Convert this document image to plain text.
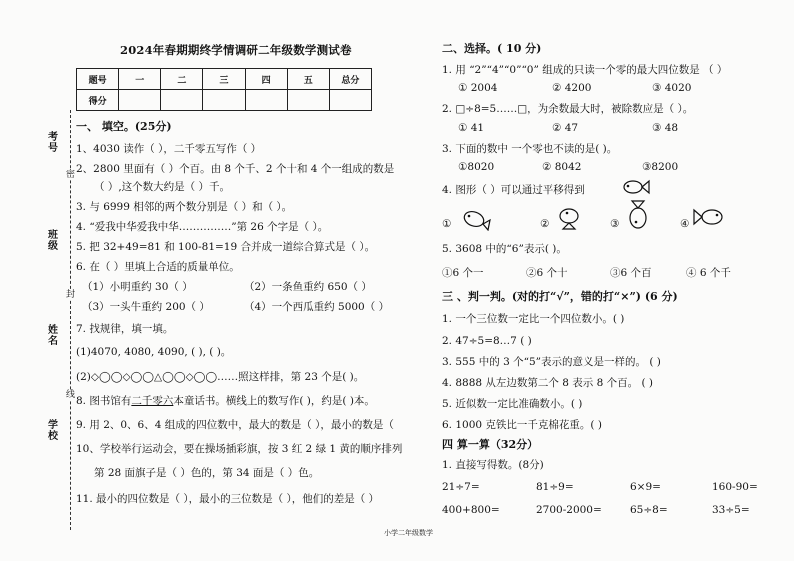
考号
班级
姓名
学校
密
封
线
2024年春期期终学情调研二年级数学测试卷
题号	一	二	三	四	五	总分
得分						
一、 填空。(25分)
1、4030 读作（ ），二千零五写作（ ）
2、2800 里面有（ ）个百。由 8 个千、2 个十和 4 个一组成的数是
（ ）,这个数大约是（ ）千。
3. 与 6999 相邻的两个数分别是（ ）和（ ）。
4. “爱我中华爱我中华……………”第 26 个字是（ ）。
5. 把 32+49=81 和 100-81=19 合并成一道综合算式是（ ）。
6. 在（ ）里填上合适的质量单位。
（1）小明重约 30（ ）	（2）一条鱼重约 650（ ）
（3）一头牛重约 200（ ）	（4）一个西瓜重约 5000（ ）
7. 找规律，填一填。
(1)4070, 4080, 4090, ( ), ( )。
(2)◇◯◯◇◯◯△◯◯◇◯◯……照这样排，第 23 个是( )。
8. 图书馆有二千零六本童话书。横线上的数写作( )，约是( )本。
9. 用 2、0、6、4 组成的四位数中，最大的数是（ ），最小的数是（
10、学校举行运动会，要在操场插彩旗，按 3 红 2 绿 1 黄的顺序排列
第 28 面旗子是（ ）色的，第 34 面是（ ）色。
11. 最小的四位数是（ ），最小的三位数是（ ），他们的差是（ ）
二、选择。( 10 分)
1. 用 “2”“4”“0”“0” 组成的只读一个零的最大四位数是 （ ）
① 2004	② 4200	③ 4020
2. □÷8=5……□，为余数最大时，被除数应是（ ）。
① 41	② 47	③ 48
3. 下面的数中 一个零也不读的是( )。
①8020	② 8042	③8200
4. 图形（ ）可以通过平移得到
①	②	③	④
5. 3608 中的“6”表示( )。
①6 个一	②6 个十	③6 个百	④ 6 个千
三 、判一判。(对的打“√”，错的打“×”) (6 分)
1. 一个三位数一定比一个四位数小。( )
2. 47÷5=8…7 ( )
3. 555 中的 3 个“5”表示的意义是一样的。 ( )
4. 8888 从左边数第二个 8 表示 8 个百。 ( )
5. 近似数一定比准确数小。( )
6. 1000 克铁比一千克棉花重。( )
四 算一算（32分）
1. 直接写得数。(8分)
21÷7=	81÷9=	6×9=	160-90=
400+800=	2700-2000=	65÷8=	33÷5=
小学二年级数学
